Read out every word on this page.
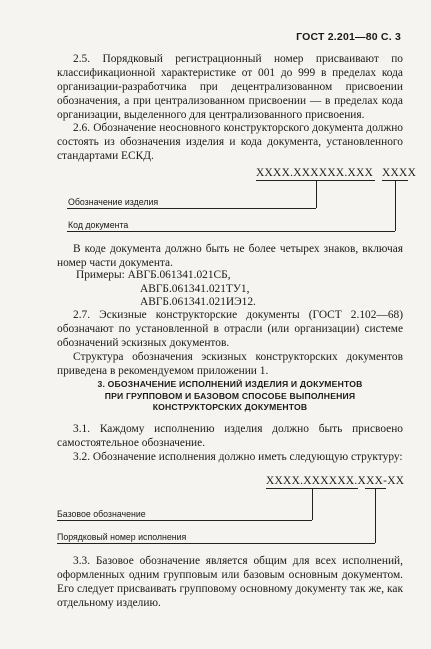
ГОСТ 2.201—80 С. 3

2.5. Порядковый регистрационный номер присваивают по классификационной характеристике от 001 до 999 в пределах кода организации-разработчика при децентрализованном присвоении обозначения, а при централизованном присвоении — в пределах кода организации, выделенного для централизованного присвоения.

2.6. Обозначение неосновного конструкторского документа должно состоять из обозначения изделия и кода документа, установленного стандартами ЕСКД.

XXXX.XXXXXX.XXX XXXX
Обозначение изделия
Код документа

В коде документа должно быть не более четырех знаков, включая номер части документа.

Примеры: АВГБ.061341.021СБ,
АВГБ.061341.021ТУ1,
АВГБ.061341.021ИЭ12.

2.7. Эскизные конструкторские документы (ГОСТ 2.102—68) обозначают по установленной в отрасли (или организации) системе обозначений эскизных документов.

Структура обозначения эскизных конструкторских документов приведена в рекомендуемом приложении 1.

3. ОБОЗНАЧЕНИЕ ИСПОЛНЕНИЙ ИЗДЕЛИЯ И ДОКУМЕНТОВ
ПРИ ГРУППОВОМ И БАЗОВОМ СПОСОБЕ ВЫПОЛНЕНИЯ
КОНСТРУКТОРСКИХ ДОКУМЕНТОВ

3.1. Каждому исполнению изделия должно быть присвоено самостоятельное обозначение.

3.2. Обозначение исполнения должно иметь следующую структуру:

XXXX.XXXXXX.XXX-XX
Базовое обозначение
Порядковый номер исполнения

3.3. Базовое обозначение является общим для всех исполнений, оформленных одним групповым или базовым основным документом. Его следует присваивать групповому основному документу так же, как отдельному изделию.
